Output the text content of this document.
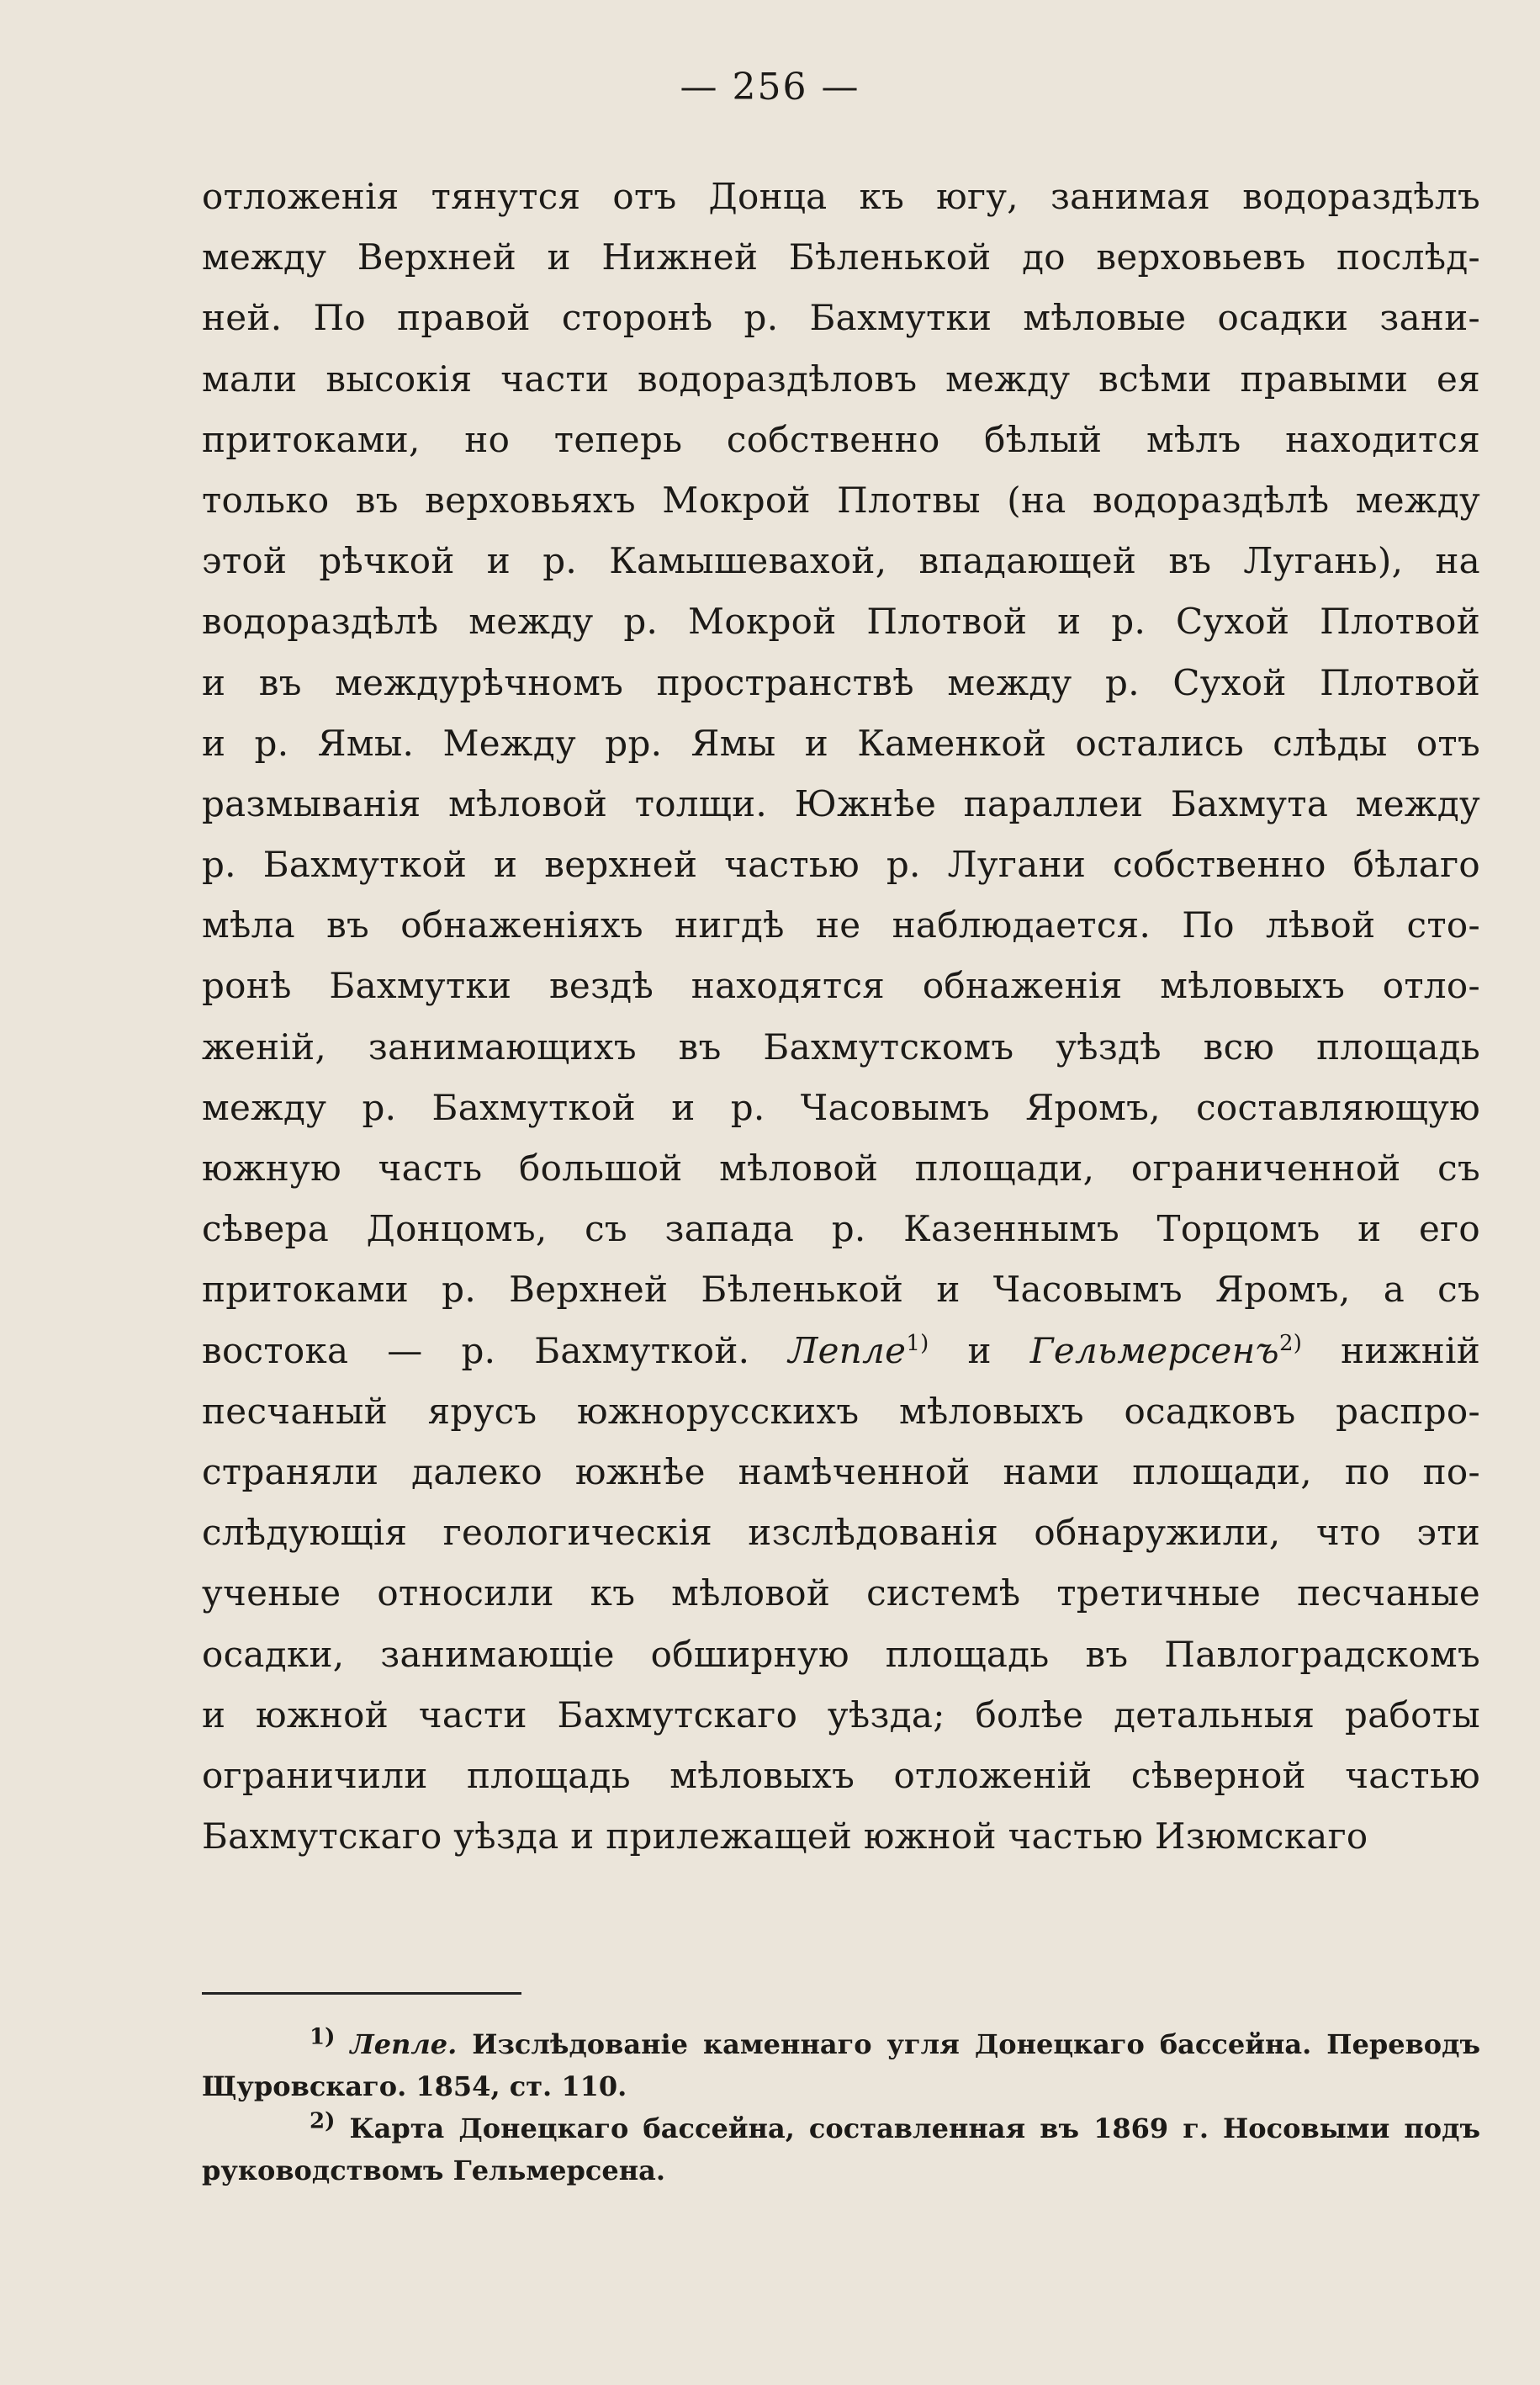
— 256 —
отложенія тянутся отъ Донца къ югу, занимая водораздѣлъ
между Верхней и Нижней Бѣленькой до верховьевъ послѣд-
ней. По правой сторонѣ р. Бахмутки мѣловые осадки зани-
мали высокія части водораздѣловъ между всѣми правыми ея
притоками, но теперь собственно бѣлый мѣлъ находится
только въ верховьяхъ Мокрой Плотвы (на водораздѣлѣ между
этой рѣчкой и р. Камышевахой, впадающей въ Лугань), на
водораздѣлѣ между р. Мокрой Плотвой и р. Сухой Плотвой
и въ междурѣчномъ пространствѣ между р. Сухой Плотвой
и р. Ямы. Между рр. Ямы и Каменкой остались слѣды отъ
размыванія мѣловой толщи. Южнѣе параллеи Бахмута между
р. Бахмуткой и верхней частью р. Лугани собственно бѣлаго
мѣла въ обнаженіяхъ нигдѣ не наблюдается. По лѣвой сто-
ронѣ Бахмутки вездѣ находятся обнаженія мѣловыхъ отло-
женій, занимающихъ въ Бахмутскомъ уѣздѣ всю площадь
между р. Бахмуткой и р. Часовымъ Яромъ, составляющую
южную часть большой мѣловой площади, ограниченной съ
сѣвера Донцомъ, съ запада р. Казеннымъ Торцомъ и его
притоками р. Верхней Бѣленькой и Часовымъ Яромъ, а съ
востока — р. Бахмуткой. Лепле$^{1)}$ и Гельмерсенъ$^{2)}$ нижній
песчаный ярусъ южнорусскихъ мѣловыхъ осадковъ распро-
страняли далеко южнѣе намѣченной нами площади, по по-
слѣдующія геологическія изслѣдованія обнаружили, что эти
ученые относили къ мѣловой системѣ третичные песчаные
осадки, занимающіе обширную площадь въ Павлоградскомъ
и южной части Бахмутскаго уѣзда; болѣе детальныя работы
ограничили площадь мѣловыхъ отложеній сѣверной частью
Бахмутскаго уѣзда и прилежащей южной частью Изюмскаго
$^{1)}$ Лепле. Изслѣдованіе каменнаго угля Донецкаго бассейна. Переводъ
Щуровскаго. 1854, ст. 110.
$^{2)}$ Карта Донецкаго бассейна, составленная въ 1869 г. Носовыми подъ
руководствомъ Гельмерсена.
